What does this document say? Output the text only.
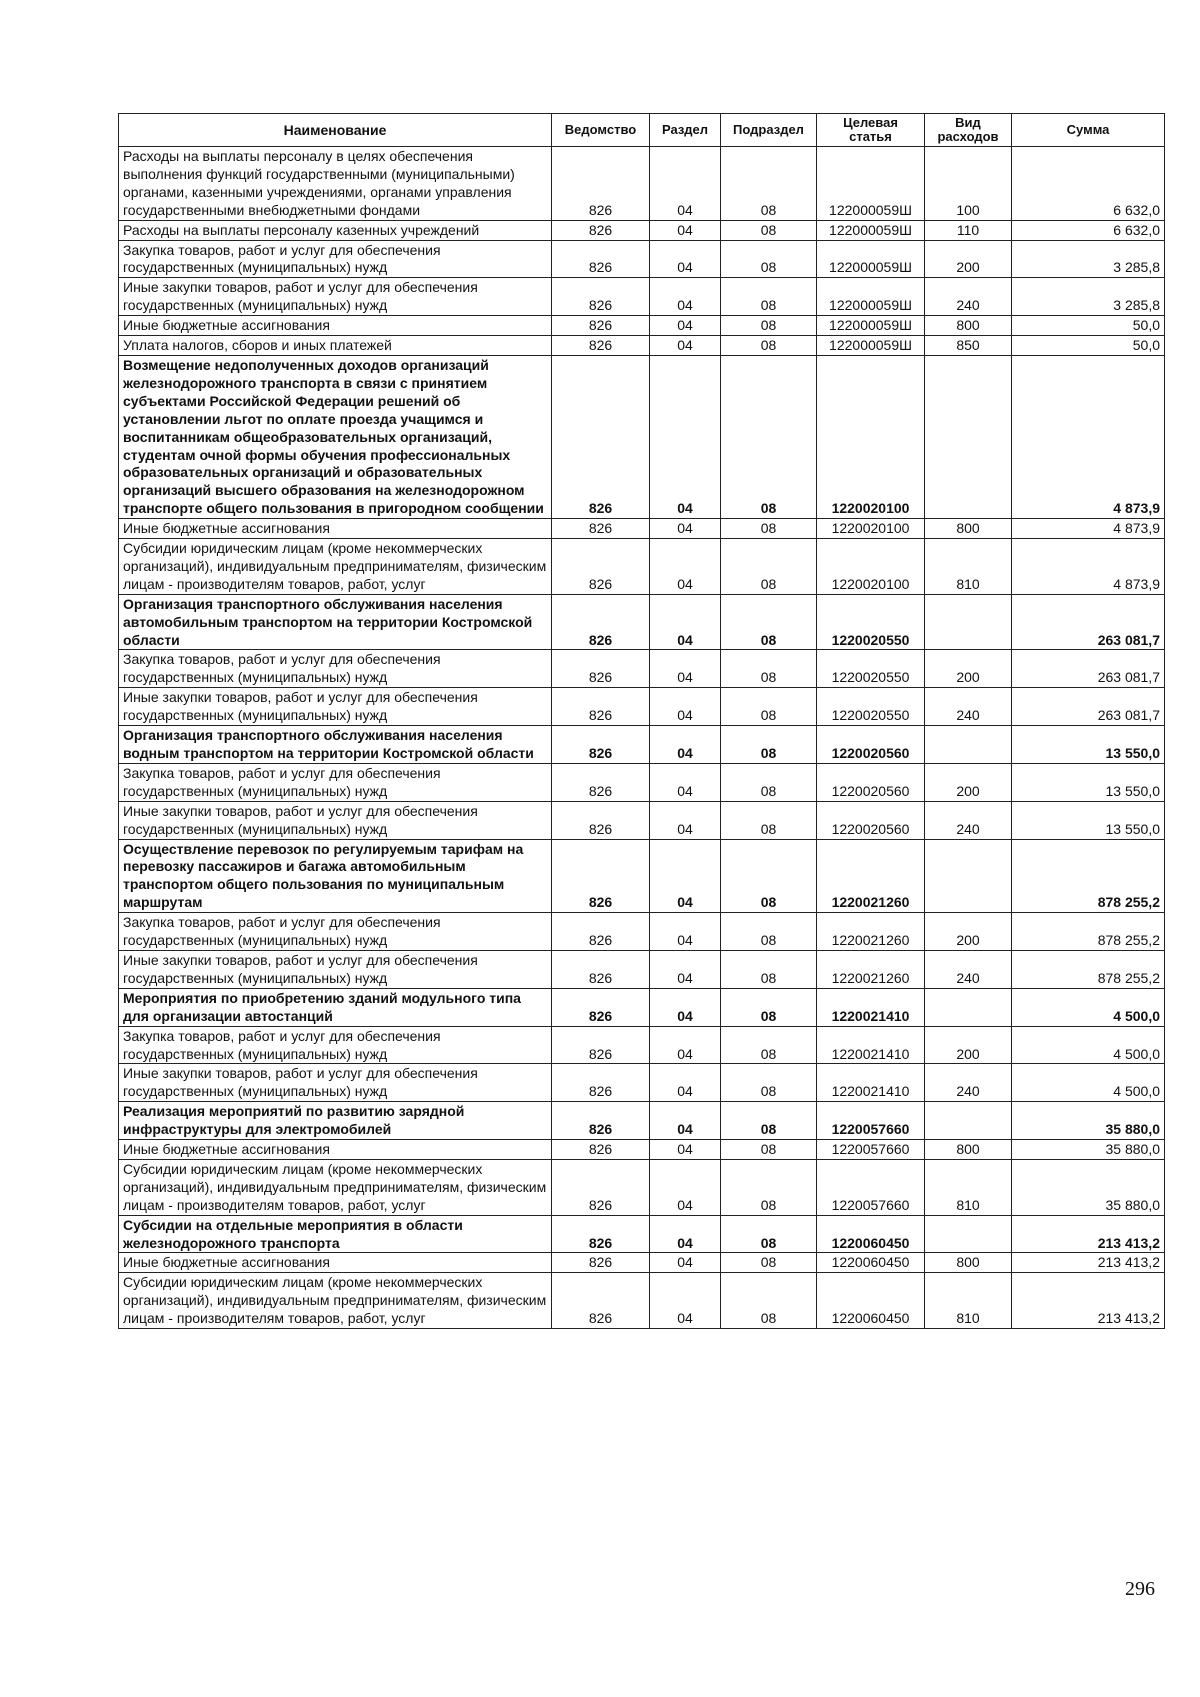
Наименование	Ведомство	Раздел	Подраздел	Целевая статья	Вид расходов	Сумма
Расходы на выплаты персоналу в целях обеспечения выполнения функций государственными (муниципальными) органами, казенными учреждениями, органами управления государственными внебюджетными фондами	826	04	08	122000059Ш	100	6 632,0
Расходы на выплаты персоналу казенных учреждений	826	04	08	122000059Ш	110	6 632,0
Закупка товаров, работ и услуг для обеспечения государственных (муниципальных) нужд	826	04	08	122000059Ш	200	3 285,8
Иные закупки товаров, работ и услуг для обеспечения государственных (муниципальных) нужд	826	04	08	122000059Ш	240	3 285,8
Иные бюджетные ассигнования	826	04	08	122000059Ш	800	50,0
Уплата налогов, сборов и иных платежей	826	04	08	122000059Ш	850	50,0
Возмещение недополученных доходов организаций железнодорожного транспорта в связи с принятием субъектами Российской Федерации решений об установлении льгот по оплате проезда учащимся и воспитанникам общеобразовательных организаций, студентам очной формы обучения профессиональных образовательных организаций и образовательных организаций высшего образования на железнодорожном транспорте общего пользования в пригородном сообщении	826	04	08	1220020100		4 873,9
Иные бюджетные ассигнования	826	04	08	1220020100	800	4 873,9
Субсидии юридическим лицам (кроме некоммерческих организаций), индивидуальным предпринимателям, физическим лицам - производителям товаров, работ, услуг	826	04	08	1220020100	810	4 873,9
Организация транспортного обслуживания населения автомобильным транспортом на территории Костромской области	826	04	08	1220020550		263 081,7
Закупка товаров, работ и услуг для обеспечения государственных (муниципальных) нужд	826	04	08	1220020550	200	263 081,7
Иные закупки товаров, работ и услуг для обеспечения государственных (муниципальных) нужд	826	04	08	1220020550	240	263 081,7
Организация транспортного обслуживания населения водным транспортом на территории Костромской области	826	04	08	1220020560		13 550,0
Закупка товаров, работ и услуг для обеспечения государственных (муниципальных) нужд	826	04	08	1220020560	200	13 550,0
Иные закупки товаров, работ и услуг для обеспечения государственных (муниципальных) нужд	826	04	08	1220020560	240	13 550,0
Осуществление перевозок по регулируемым тарифам на перевозку пассажиров и багажа автомобильным транспортом общего пользования по муниципальным маршрутам	826	04	08	1220021260		878 255,2
Закупка товаров, работ и услуг для обеспечения государственных (муниципальных) нужд	826	04	08	1220021260	200	878 255,2
Иные закупки товаров, работ и услуг для обеспечения государственных (муниципальных) нужд	826	04	08	1220021260	240	878 255,2
Мероприятия по приобретению зданий модульного типа для организации автостанций	826	04	08	1220021410		4 500,0
Закупка товаров, работ и услуг для обеспечения государственных (муниципальных) нужд	826	04	08	1220021410	200	4 500,0
Иные закупки товаров, работ и услуг для обеспечения государственных (муниципальных) нужд	826	04	08	1220021410	240	4 500,0
Реализация мероприятий по развитию зарядной инфраструктуры для электромобилей	826	04	08	1220057660		35 880,0
Иные бюджетные ассигнования	826	04	08	1220057660	800	35 880,0
Субсидии юридическим лицам (кроме некоммерческих организаций), индивидуальным предпринимателям, физическим лицам - производителям товаров, работ, услуг	826	04	08	1220057660	810	35 880,0
Субсидии на отдельные мероприятия в области железнодорожного транспорта	826	04	08	1220060450		213 413,2
Иные бюджетные ассигнования	826	04	08	1220060450	800	213 413,2
Субсидии юридическим лицам (кроме некоммерческих организаций), индивидуальным предпринимателям, физическим лицам - производителям товаров, работ, услуг	826	04	08	1220060450	810	213 413,2
296
